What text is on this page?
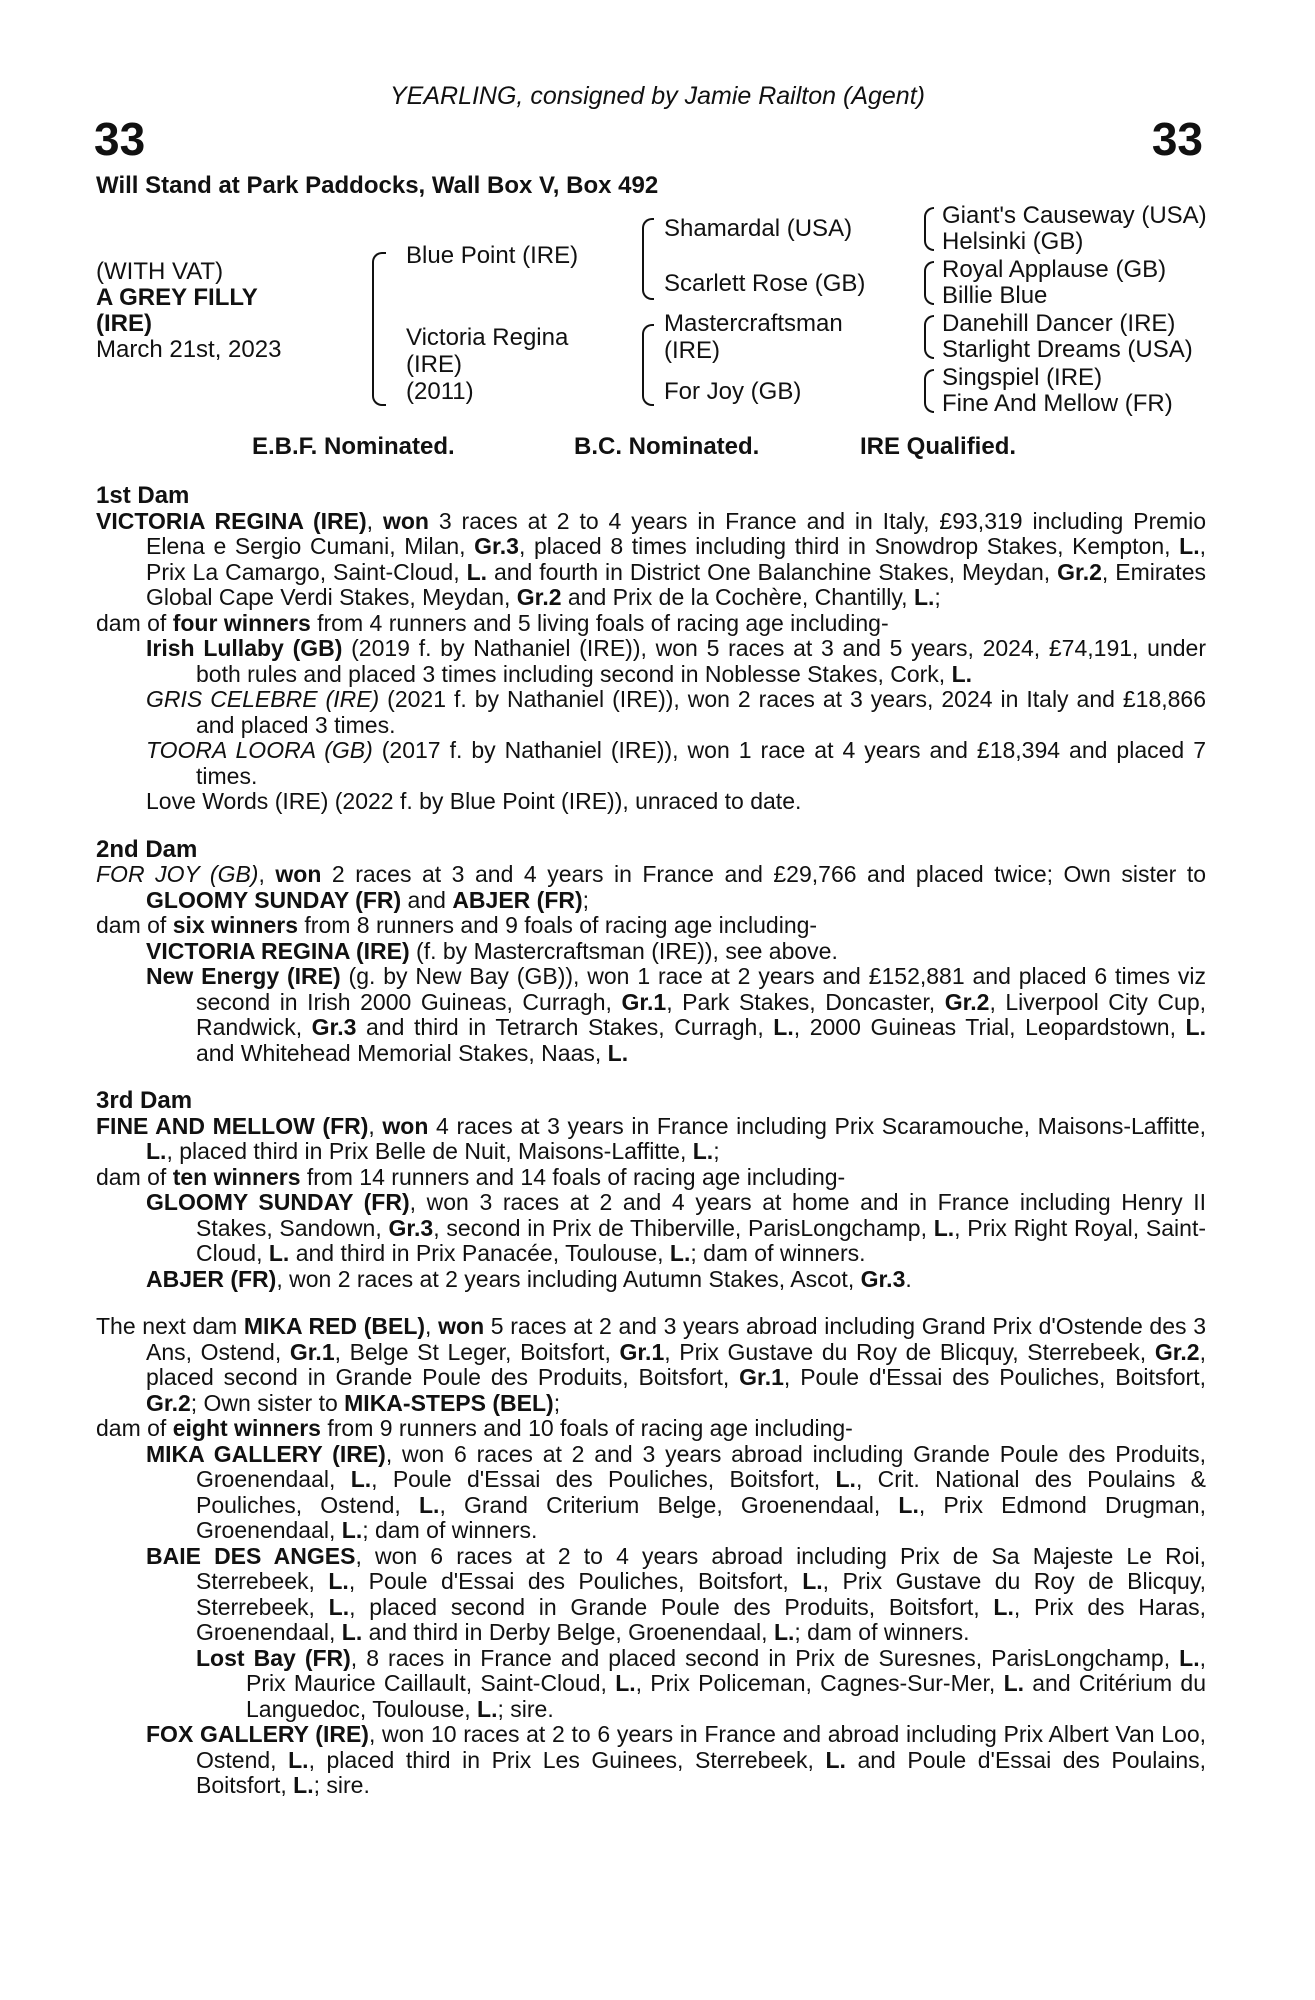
33	33
YEARLING, consigned by Jamie Railton (Agent)
Will Stand at Park Paddocks, Wall Box V, Box 492
(WITH VAT)
A GREY FILLY
(IRE)
March 21st, 2023
Blue Point (IRE)
Victoria Regina
(IRE)
(2011)
Shamardal (USA)
Scarlett Rose (GB)
Mastercraftsman
(IRE)
For Joy (GB)
Giant's Causeway (USA)
Helsinki (GB)
Royal Applause (GB)
Billie Blue
Danehill Dancer (IRE)
Starlight Dreams (USA)
Singspiel (IRE)
Fine And Mellow (FR)
E.B.F. Nominated.	B.C. Nominated.	IRE Qualified.
1st Dam
VICTORIA REGINA (IRE), won 3 races at 2 to 4 years in France and in Italy, £93,319 including Premio Elena e Sergio Cumani, Milan, Gr.3, placed 8 times including third in Snowdrop Stakes, Kempton, L., Prix La Camargo, Saint-Cloud, L. and fourth in District One Balanchine Stakes, Meydan, Gr.2, Emirates Global Cape Verdi Stakes, Meydan, Gr.2 and Prix de la Cochère, Chantilly, L.;
dam of four winners from 4 runners and 5 living foals of racing age including-
Irish Lullaby (GB) (2019 f. by Nathaniel (IRE)), won 5 races at 3 and 5 years, 2024, £74,191, under both rules and placed 3 times including second in Noblesse Stakes, Cork, L.
GRIS CELEBRE (IRE) (2021 f. by Nathaniel (IRE)), won 2 races at 3 years, 2024 in Italy and £18,866 and placed 3 times.
TOORA LOORA (GB) (2017 f. by Nathaniel (IRE)), won 1 race at 4 years and £18,394 and placed 7 times.
Love Words (IRE) (2022 f. by Blue Point (IRE)), unraced to date.
2nd Dam
FOR JOY (GB), won 2 races at 3 and 4 years in France and £29,766 and placed twice; Own sister to GLOOMY SUNDAY (FR) and ABJER (FR);
dam of six winners from 8 runners and 9 foals of racing age including-
VICTORIA REGINA (IRE) (f. by Mastercraftsman (IRE)), see above.
New Energy (IRE) (g. by New Bay (GB)), won 1 race at 2 years and £152,881 and placed 6 times viz second in Irish 2000 Guineas, Curragh, Gr.1, Park Stakes, Doncaster, Gr.2, Liverpool City Cup, Randwick, Gr.3 and third in Tetrarch Stakes, Curragh, L., 2000 Guineas Trial, Leopardstown, L. and Whitehead Memorial Stakes, Naas, L.
3rd Dam
FINE AND MELLOW (FR), won 4 races at 3 years in France including Prix Scaramouche, Maisons-Laffitte, L., placed third in Prix Belle de Nuit, Maisons-Laffitte, L.;
dam of ten winners from 14 runners and 14 foals of racing age including-
GLOOMY SUNDAY (FR), won 3 races at 2 and 4 years at home and in France including Henry II Stakes, Sandown, Gr.3, second in Prix de Thiberville, ParisLongchamp, L., Prix Right Royal, Saint-Cloud, L. and third in Prix Panacée, Toulouse, L.; dam of winners.
ABJER (FR), won 2 races at 2 years including Autumn Stakes, Ascot, Gr.3.
The next dam MIKA RED (BEL), won 5 races at 2 and 3 years abroad including Grand Prix d'Ostende des 3 Ans, Ostend, Gr.1, Belge St Leger, Boitsfort, Gr.1, Prix Gustave du Roy de Blicquy, Sterrebeek, Gr.2, placed second in Grande Poule des Produits, Boitsfort, Gr.1, Poule d'Essai des Pouliches, Boitsfort, Gr.2; Own sister to MIKA-STEPS (BEL);
dam of eight winners from 9 runners and 10 foals of racing age including-
MIKA GALLERY (IRE), won 6 races at 2 and 3 years abroad including Grande Poule des Produits, Groenendaal, L., Poule d'Essai des Pouliches, Boitsfort, L., Crit. National des Poulains & Pouliches, Ostend, L., Grand Criterium Belge, Groenendaal, L., Prix Edmond Drugman, Groenendaal, L.; dam of winners.
BAIE DES ANGES, won 6 races at 2 to 4 years abroad including Prix de Sa Majeste Le Roi, Sterrebeek, L., Poule d'Essai des Pouliches, Boitsfort, L., Prix Gustave du Roy de Blicquy, Sterrebeek, L., placed second in Grande Poule des Produits, Boitsfort, L., Prix des Haras, Groenendaal, L. and third in Derby Belge, Groenendaal, L.; dam of winners.
Lost Bay (FR), 8 races in France and placed second in Prix de Suresnes, ParisLongchamp, L., Prix Maurice Caillault, Saint-Cloud, L., Prix Policeman, Cagnes-Sur-Mer, L. and Critérium du Languedoc, Toulouse, L.; sire.
FOX GALLERY (IRE), won 10 races at 2 to 6 years in France and abroad including Prix Albert Van Loo, Ostend, L., placed third in Prix Les Guinees, Sterrebeek, L. and Poule d'Essai des Poulains, Boitsfort, L.; sire.
